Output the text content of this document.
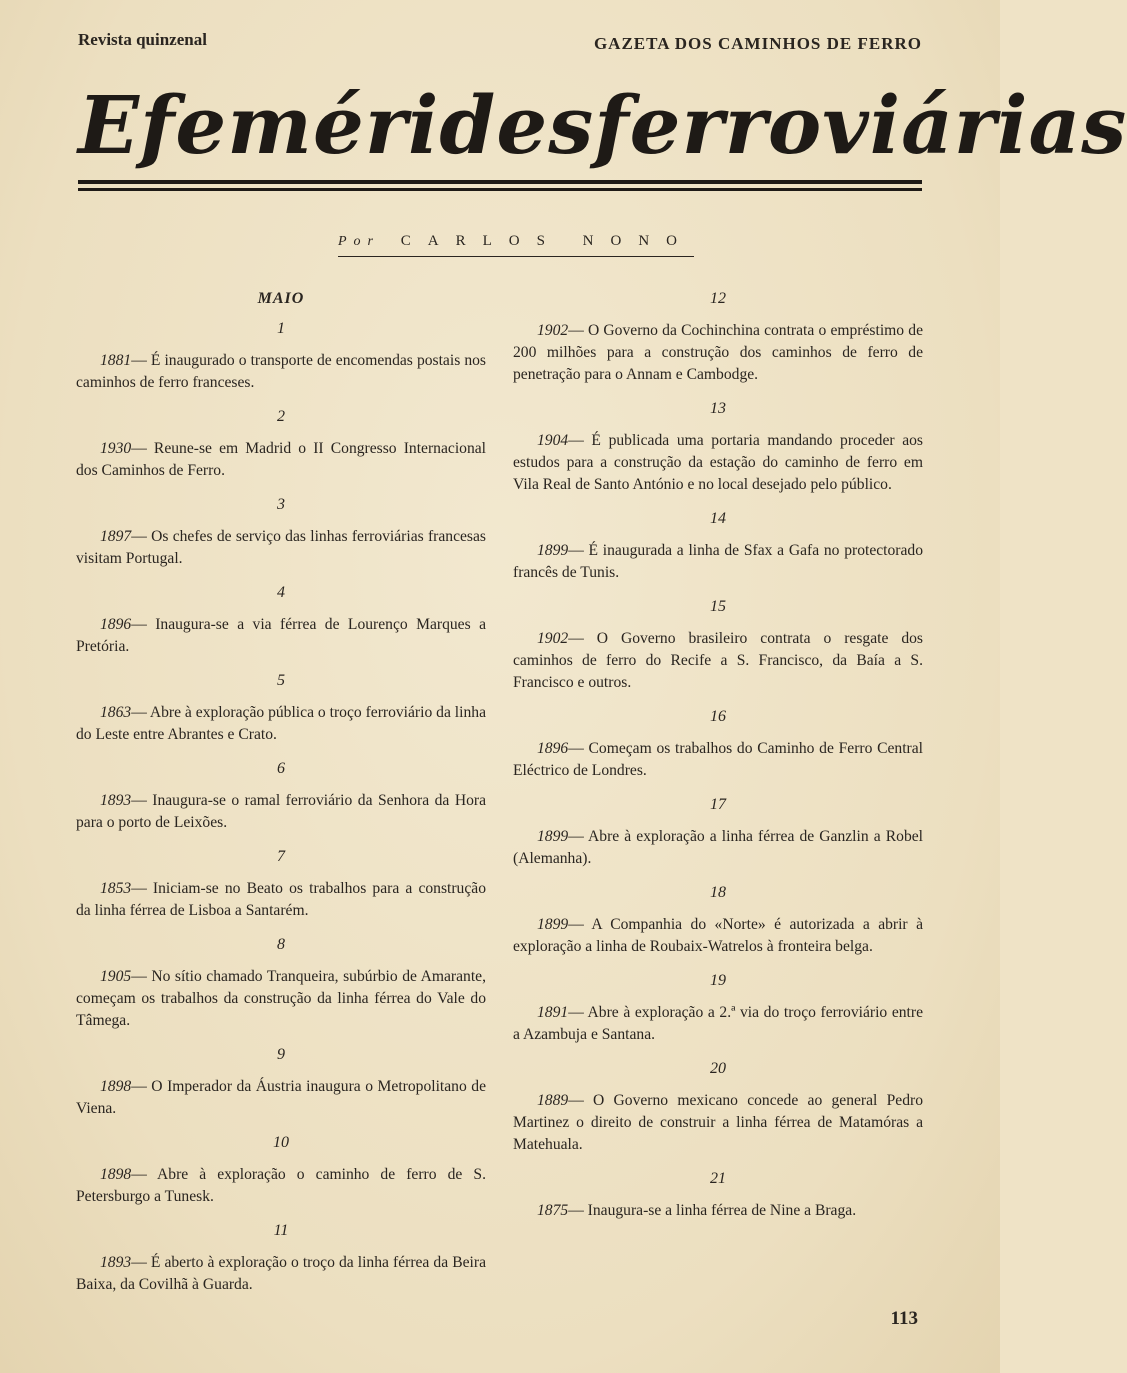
Revista quinzenal	GAZETA DOS CAMINHOS DE FERRO
Efemérides ferroviárias
Por CARLOS NONO
MAIO
1

1881— É inaugurado o transporte de encomendas postais nos caminhos de ferro franceses.

2

1930— Reune-se em Madrid o II Congresso Internacional dos Caminhos de Ferro.

3

1897— Os chefes de serviço das linhas ferroviárias francesas visitam Portugal.

4

1896— Inaugura-se a via férrea de Lourenço Marques a Pretória.

5

1863— Abre à exploração pública o troço ferroviário da linha do Leste entre Abrantes e Crato.

6

1893— Inaugura-se o ramal ferroviário da Senhora da Hora para o porto de Leixões.

7

1853— Iniciam-se no Beato os trabalhos para a construção da linha férrea de Lisboa a Santarém.

8

1905— No sítio chamado Tranqueira, subúrbio de Amarante, começam os trabalhos da construção da linha férrea do Vale do Tâmega.

9

1898— O Imperador da Áustria inaugura o Metropolitano de Viena.

10

1898— Abre à exploração o caminho de ferro de S. Petersburgo a Tunesk.

11

1893— É aberto à exploração o troço da linha férrea da Beira Baixa, da Covilhã à Guarda.

12

1902— O Governo da Cochinchina contrata o empréstimo de 200 milhões para a construção dos caminhos de ferro de penetração para o Annam e Cambodge.

13

1904— É publicada uma portaria mandando proceder aos estudos para a construção da estação do caminho de ferro em Vila Real de Santo António e no local desejado pelo público.

14

1899— É inaugurada a linha de Sfax a Gafa no protectorado francês de Tunis.

15

1902— O Governo brasileiro contrata o resgate dos caminhos de ferro do Recife a S. Francisco, da Baía a S. Francisco e outros.

16

1896— Começam os trabalhos do Caminho de Ferro Central Eléctrico de Londres.

17

1899— Abre à exploração a linha férrea de Ganzlin a Robel (Alemanha).

18

1899— A Companhia do «Norte» é autorizada a abrir à exploração a linha de Roubaix-Watrelos à fronteira belga.

19

1891— Abre à exploração a 2.ª via do troço ferroviário entre a Azambuja e Santana.

20

1889— O Governo mexicano concede ao general Pedro Martinez o direito de construir a linha férrea de Matamóras a Matehuala.

21

1875— Inaugura-se a linha férrea de Nine a Braga.

113
